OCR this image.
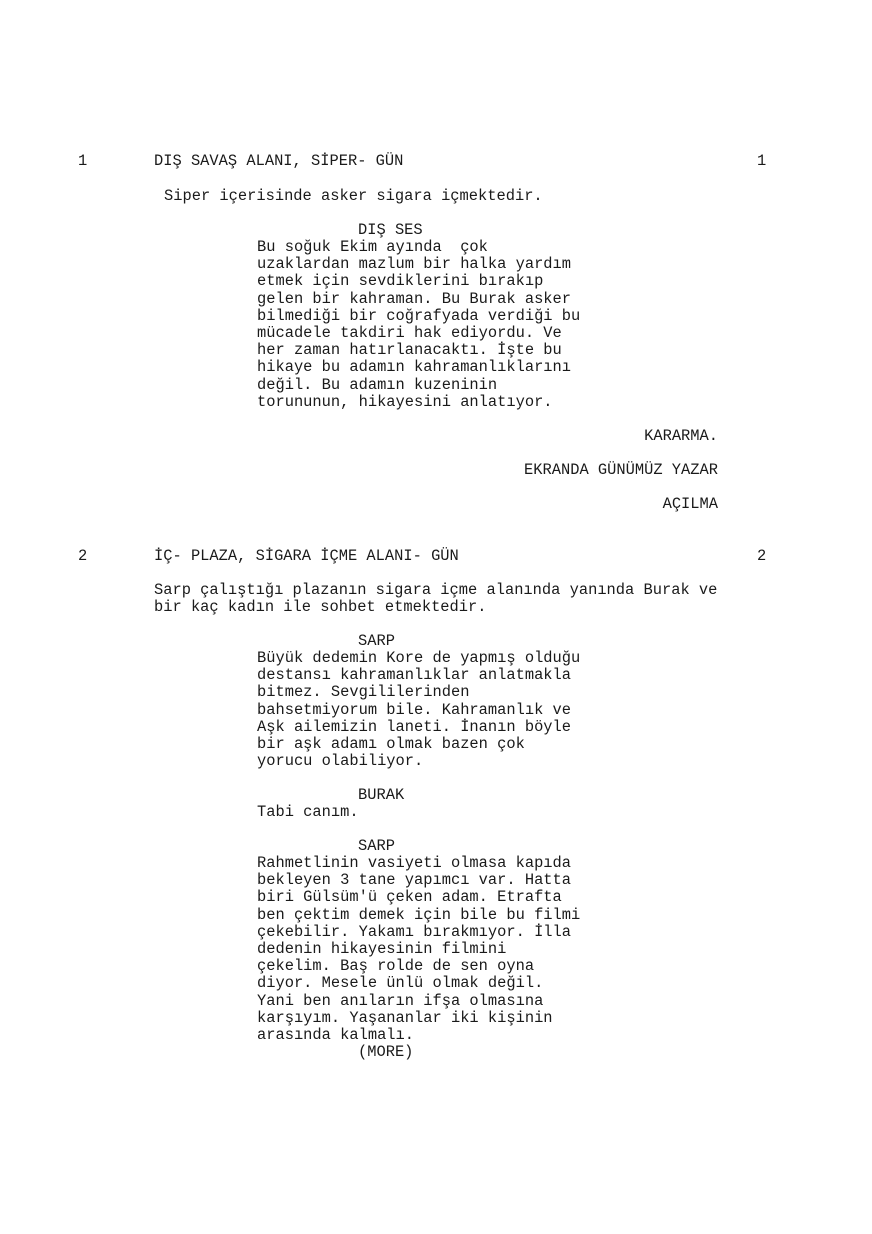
1	DIŞ SAVAŞ ALANI, SİPER- GÜN	1
Siper içerisinde asker sigara içmektedir.
DIŞ SES
Bu soğuk Ekim ayında  çok
uzaklardan mazlum bir halka yardım
etmek için sevdiklerini bırakıp
gelen bir kahraman. Bu Burak asker
bilmediği bir coğrafyada verdiği bu
mücadele takdiri hak ediyordu. Ve
her zaman hatırlanacaktı. İşte bu
hikaye bu adamın kahramanlıklarını
değil. Bu adamın kuzeninin
torununun, hikayesini anlatıyor.
KARARMA.
EKRANDA GÜNÜMÜZ YAZAR
AÇILMA
2	İÇ- PLAZA, SİGARA İÇME ALANI- GÜN	2
Sarp çalıştığı plazanın sigara içme alanında yanında Burak ve
bir kaç kadın ile sohbet etmektedir.
SARP
Büyük dedemin Kore de yapmış olduğu
destansı kahramanlıklar anlatmakla
bitmez. Sevgililerinden
bahsetmiyorum bile. Kahramanlık ve
Aşk ailemizin laneti. İnanın böyle
bir aşk adamı olmak bazen çok
yorucu olabiliyor.
BURAK
Tabi canım.
SARP
Rahmetlinin vasiyeti olmasa kapıda
bekleyen 3 tane yapımcı var. Hatta
biri Gülsüm'ü çeken adam. Etrafta
ben çektim demek için bile bu filmi
çekebilir. Yakamı bırakmıyor. İlla
dedenin hikayesinin filmini
çekelim. Baş rolde de sen oyna
diyor. Mesele ünlü olmak değil.
Yani ben anıların ifşa olmasına
karşıyım. Yaşananlar iki kişinin
arasında kalmalı.
(MORE)
